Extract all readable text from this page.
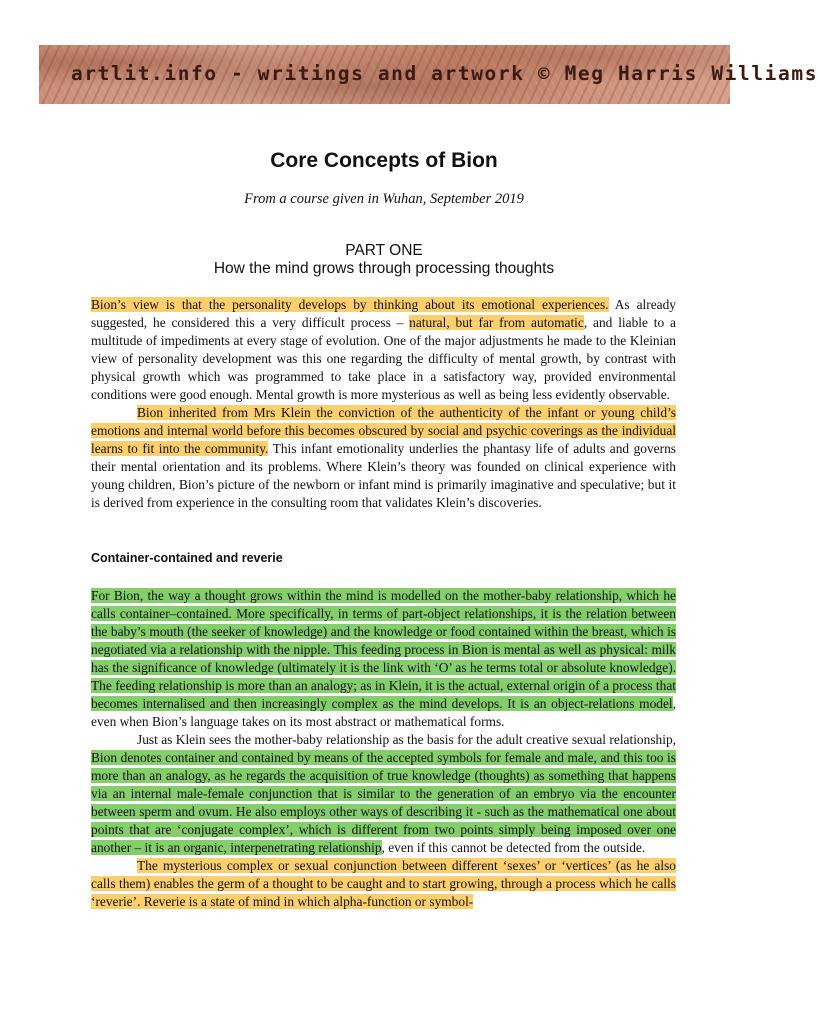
artlit.info - writings and artwork © Meg Harris Williams
Core Concepts of Bion
From a course given in Wuhan, September 2019
PART ONE
How the mind grows through processing thoughts

Bion’s view is that the personality develops by thinking about its emotional experiences. As already suggested, he considered this a very difficult process – natural, but far from automatic, and liable to a multitude of impediments at every stage of evolution. One of the major adjustments he made to the Kleinian view of personality development was this one regarding the difficulty of mental growth, by contrast with physical growth which was programmed to take place in a satisfactory way, provided environmental conditions were good enough. Mental growth is more mysterious as well as being less evidently observable.

Bion inherited from Mrs Klein the conviction of the authenticity of the infant or young child’s emotions and internal world before this becomes obscured by social and psychic coverings as the individual learns to fit into the community. This infant emotionality underlies the phantasy life of adults and governs their mental orientation and its problems. Where Klein’s theory was founded on clinical experience with young children, Bion’s picture of the newborn or infant mind is primarily imaginative and speculative; but it is derived from experience in the consulting room that validates Klein’s discoveries.

Container-contained and reverie

For Bion, the way a thought grows within the mind is modelled on the mother-baby relationship, which he calls container–contained. More specifically, in terms of part-object relationships, it is the relation between the baby’s mouth (the seeker of knowledge) and the knowledge or food contained within the breast, which is negotiated via a relationship with the nipple. This feeding process in Bion is mental as well as physical: milk has the significance of knowledge (ultimately it is the link with ‘O’ as he terms total or absolute knowledge). The feeding relationship is more than an analogy; as in Klein, it is the actual, external origin of a process that becomes internalised and then increasingly complex as the mind develops. It is an object-relations model, even when Bion’s language takes on its most abstract or mathematical forms.

Just as Klein sees the mother-baby relationship as the basis for the adult creative sexual relationship, Bion denotes container and contained by means of the accepted symbols for female and male, and this too is more than an analogy, as he regards the acquisition of true knowledge (thoughts) as something that happens via an internal male-female conjunction that is similar to the generation of an embryo via the encounter between sperm and ovum. He also employs other ways of describing it - such as the mathematical one about points that are ‘conjugate complex’, which is different from two points simply being imposed over one another – it is an organic, interpenetrating relationship, even if this cannot be detected from the outside.

The mysterious complex or sexual conjunction between different ‘sexes’ or ‘vertices’ (as he also calls them) enables the germ of a thought to be caught and to start growing, through a process which he calls ‘reverie’. Reverie is a state of mind in which alpha-function or symbol-
